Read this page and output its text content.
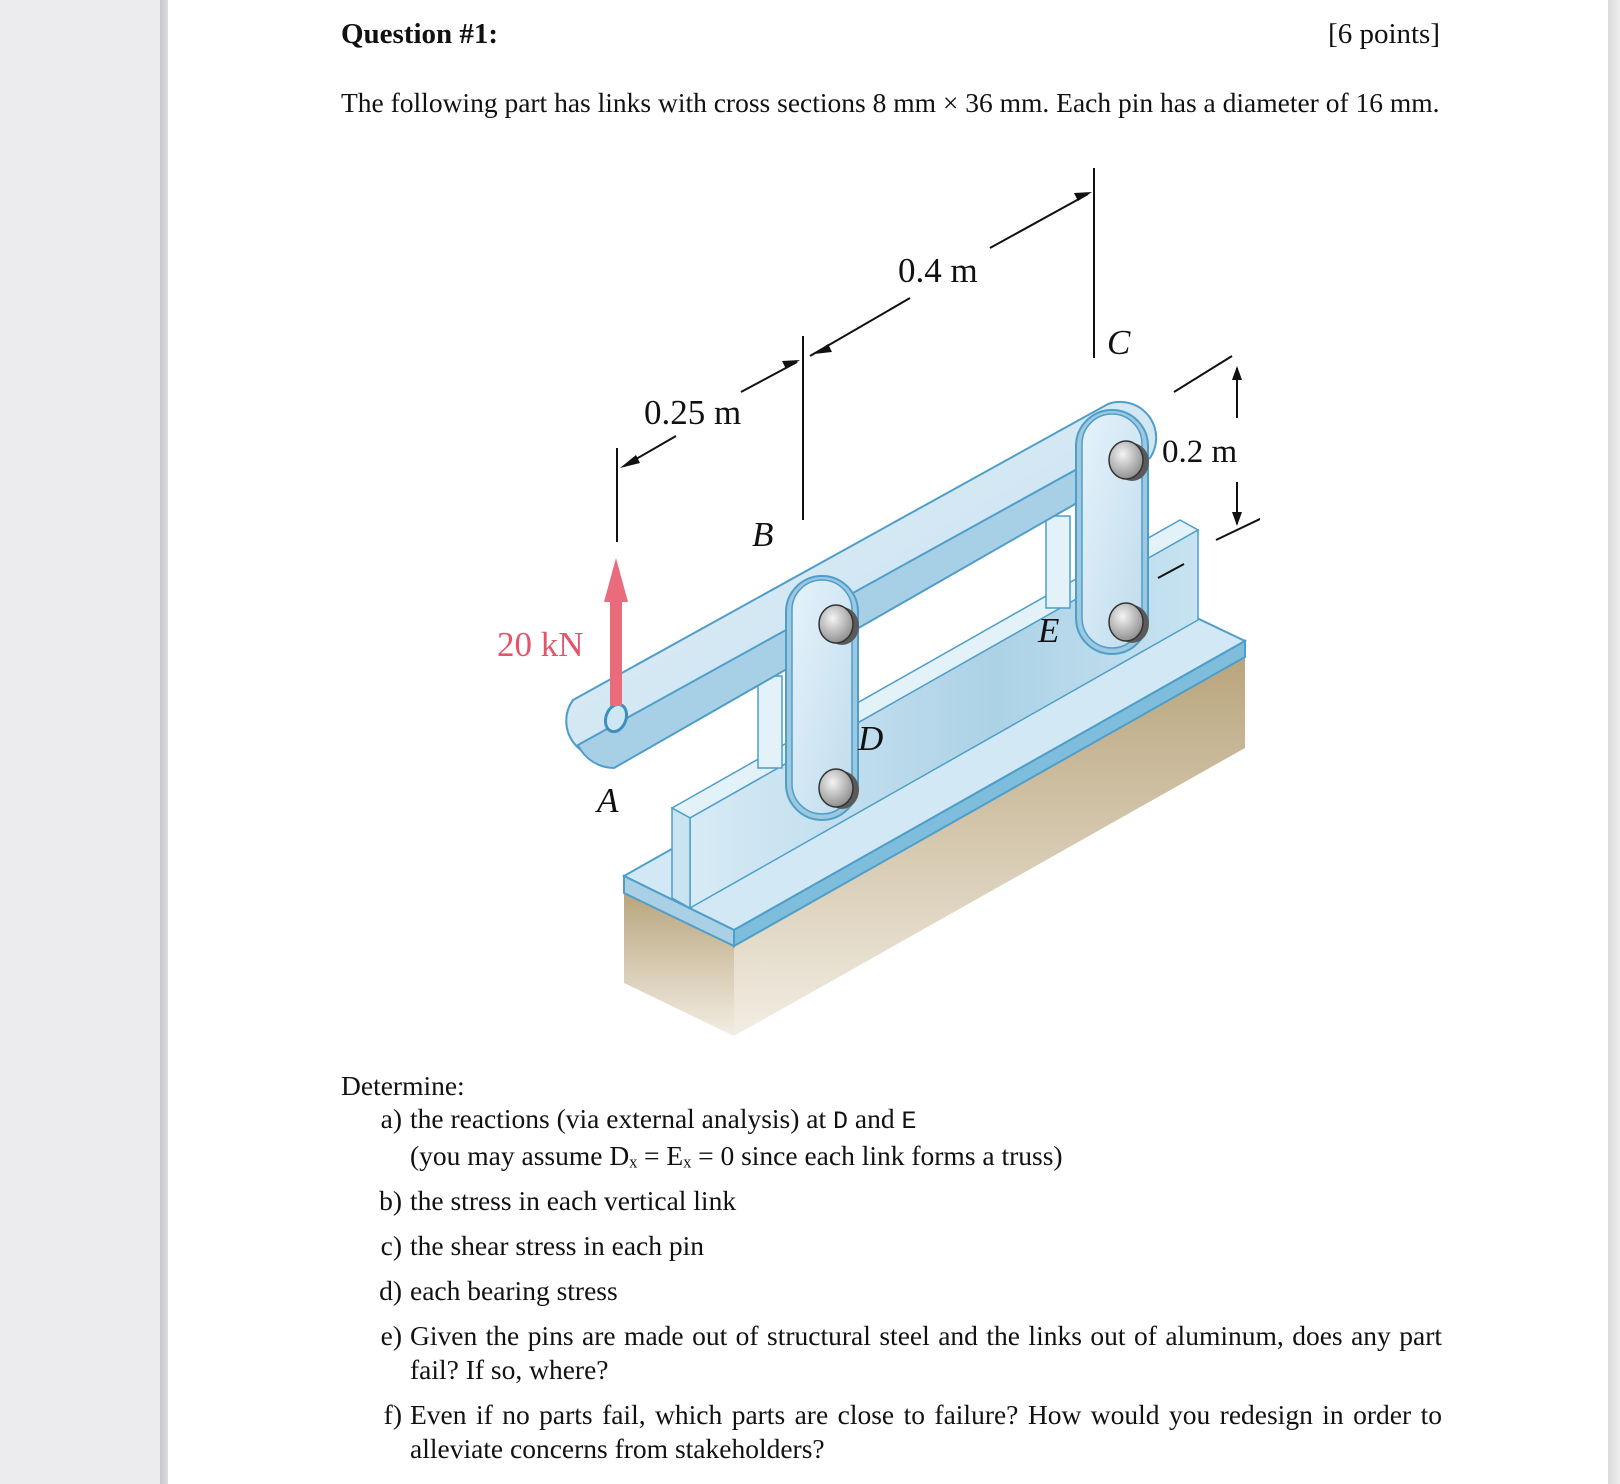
Question #1:	[6 points]
The following part has links with cross sections 8 mm × 36 mm. Each pin has a diameter of 16 mm.
0.4 m
0.25 m
0.2 m
20 kN
A
B
C
D
E
Determine:
a) the reactions (via external analysis) at D and E
(you may assume Dₓ = Eₓ = 0 since each link forms a truss)
b) the stress in each vertical link
c) the shear stress in each pin
d) each bearing stress
e) Given the pins are made out of structural steel and the links out of aluminum, does any part fail? If so, where?
f) Even if no parts fail, which parts are close to failure? How would you redesign in order to alleviate concerns from stakeholders?
